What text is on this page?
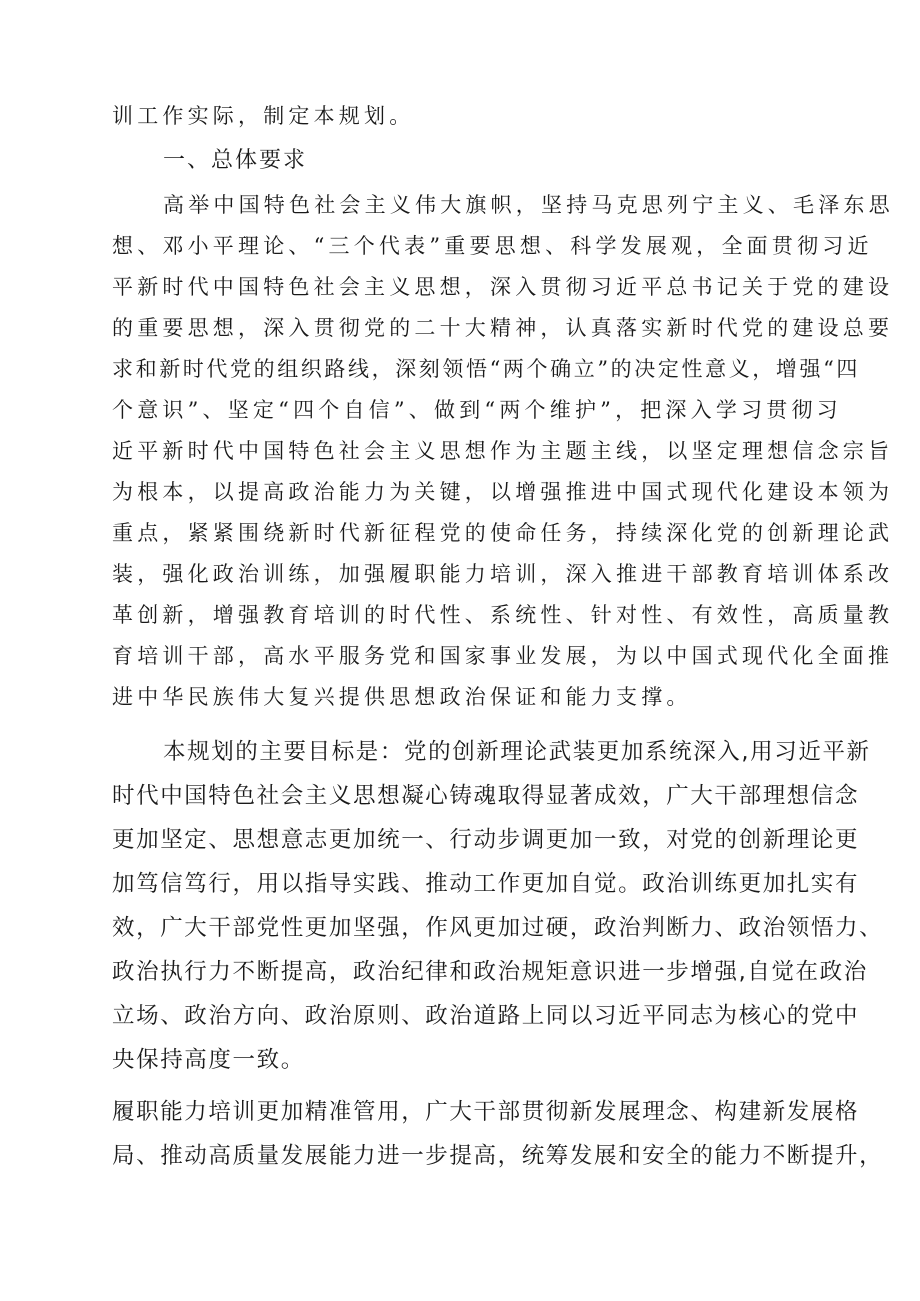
训工作实际，制定本规划。

一、总体要求

高举中国特色社会主义伟大旗帜，坚持马克思列宁主义、毛泽东思

想、邓小平理论、“三个代表”重要思想、科学发展观，全面贯彻习近

平新时代中国特色社会主义思想，深入贯彻习近平总书记关于党的建设

的重要思想，深入贯彻党的二十大精神，认真落实新时代党的建设总要

求和新时代党的组织路线，深刻领悟“两个确立”的决定性意义，增强“四

个意识”、坚定“四个自信”、做到“两个维护”，把深入学习贯彻习

近平新时代中国特色社会主义思想作为主题主线，以坚定理想信念宗旨

为根本，以提高政治能力为关键，以增强推进中国式现代化建设本领为

重点，紧紧围绕新时代新征程党的使命任务，持续深化党的创新理论武

装，强化政治训练，加强履职能力培训，深入推进干部教育培训体系改

革创新，增强教育培训的时代性、系统性、针对性、有效性，高质量教

育培训干部，高水平服务党和国家事业发展，为以中国式现代化全面推

进中华民族伟大复兴提供思想政治保证和能力支撑。

本规划的主要目标是：党的创新理论武装更加系统深入,用习近平新

时代中国特色社会主义思想凝心铸魂取得显著成效，广大干部理想信念

更加坚定、思想意志更加统一、行动步调更加一致，对党的创新理论更

加笃信笃行，用以指导实践、推动工作更加自觉。政治训练更加扎实有

效，广大干部党性更加坚强，作风更加过硬，政治判断力、政治领悟力、

政治执行力不断提高，政治纪律和政治规矩意识进一步增强,自觉在政治

立场、政治方向、政治原则、政治道路上同以习近平同志为核心的党中

央保持高度一致。

履职能力培训更加精准管用，广大干部贯彻新发展理念、构建新发展格

局、推动高质量发展能力进一步提高，统筹发展和安全的能力不断提升，
